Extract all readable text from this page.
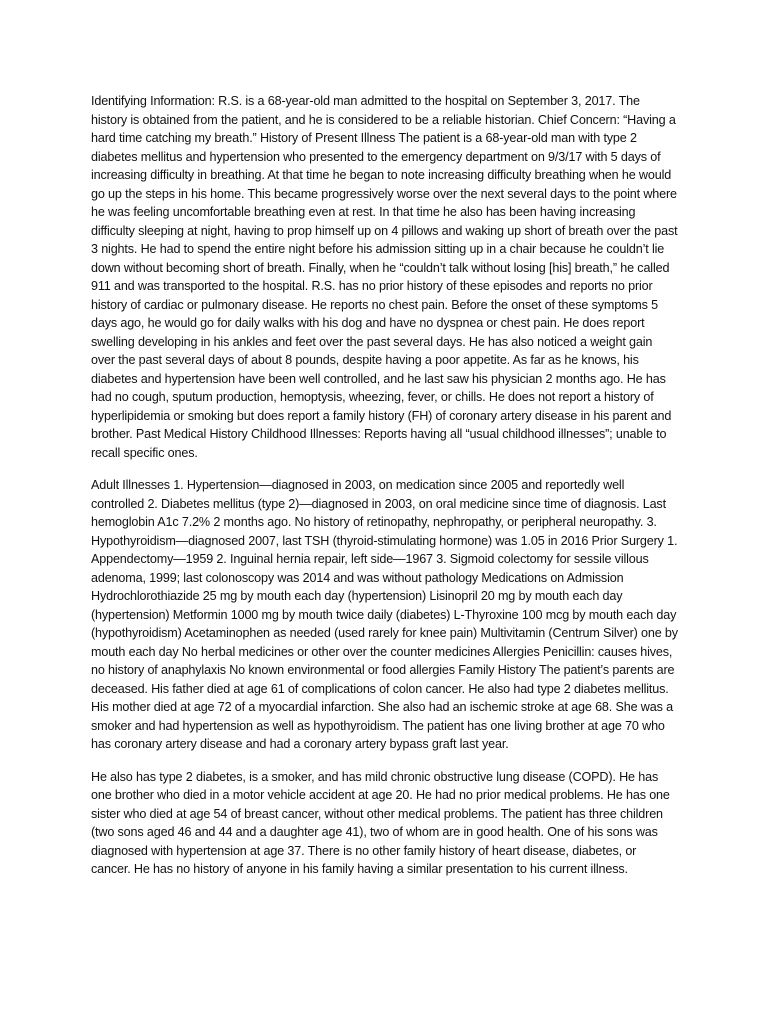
Identifying Information: R.S. is a 68-year-old man admitted to the hospital on September 3, 2017. The history is obtained from the patient, and he is considered to be a reliable historian. Chief Concern: “Having a hard time catching my breath.” History of Present Illness The patient is a 68-year-old man with type 2 diabetes mellitus and hypertension who presented to the emergency department on 9/3/17 with 5 days of increasing difficulty in breathing. At that time he began to note increasing difficulty breathing when he would go up the steps in his home. This became progressively worse over the next several days to the point where he was feeling uncomfortable breathing even at rest. In that time he also has been having increasing difficulty sleeping at night, having to prop himself up on 4 pillows and waking up short of breath over the past 3 nights. He had to spend the entire night before his admission sitting up in a chair because he couldn’t lie down without becoming short of breath. Finally, when he “couldn’t talk without losing [his] breath,” he called 911 and was transported to the hospital. R.S. has no prior history of these episodes and reports no prior history of cardiac or pulmonary disease. He reports no chest pain. Before the onset of these symptoms 5 days ago, he would go for daily walks with his dog and have no dyspnea or chest pain. He does report swelling developing in his ankles and feet over the past several days. He has also noticed a weight gain over the past several days of about 8 pounds, despite having a poor appetite. As far as he knows, his diabetes and hypertension have been well controlled, and he last saw his physician 2 months ago. He has had no cough, sputum production, hemoptysis, wheezing, fever, or chills. He does not report a history of hyperlipidemia or smoking but does report a family history (FH) of coronary artery disease in his parent and brother. Past Medical History Childhood Illnesses: Reports having all “usual childhood illnesses”; unable to recall specific ones.

Adult Illnesses 1. Hypertension—diagnosed in 2003, on medication since 2005 and reportedly well controlled 2. Diabetes mellitus (type 2)—diagnosed in 2003, on oral medicine since time of diagnosis. Last hemoglobin A1c 7.2% 2 months ago. No history of retinopathy, nephropathy, or peripheral neuropathy. 3. Hypothyroidism—diagnosed 2007, last TSH (thyroid-stimulating hormone) was 1.05 in 2016 Prior Surgery 1. Appendectomy—1959 2. Inguinal hernia repair, left side—1967 3. Sigmoid colectomy for sessile villous adenoma, 1999; last colonoscopy was 2014 and was without pathology Medications on Admission Hydrochlorothiazide 25 mg by mouth each day (hypertension) Lisinopril 20 mg by mouth each day (hypertension) Metformin 1000 mg by mouth twice daily (diabetes) L-Thyroxine 100 mcg by mouth each day (hypothyroidism) Acetaminophen as needed (used rarely for knee pain) Multivitamin (Centrum Silver) one by mouth each day No herbal medicines or other over the counter medicines Allergies Penicillin: causes hives, no history of anaphylaxis No known environmental or food allergies Family History The patient’s parents are deceased. His father died at age 61 of complications of colon cancer. He also had type 2 diabetes mellitus. His mother died at age 72 of a myocardial infarction. She also had an ischemic stroke at age 68. She was a smoker and had hypertension as well as hypothyroidism. The patient has one living brother at age 70 who has coronary artery disease and had a coronary artery bypass graft last year.

He also has type 2 diabetes, is a smoker, and has mild chronic obstructive lung disease (COPD). He has one brother who died in a motor vehicle accident at age 20. He had no prior medical problems. He has one sister who died at age 54 of breast cancer, without other medical problems. The patient has three children (two sons aged 46 and 44 and a daughter age 41), two of whom are in good health. One of his sons was diagnosed with hypertension at age 37. There is no other family history of heart disease, diabetes, or cancer. He has no history of anyone in his family having a similar presentation to his current illness.
